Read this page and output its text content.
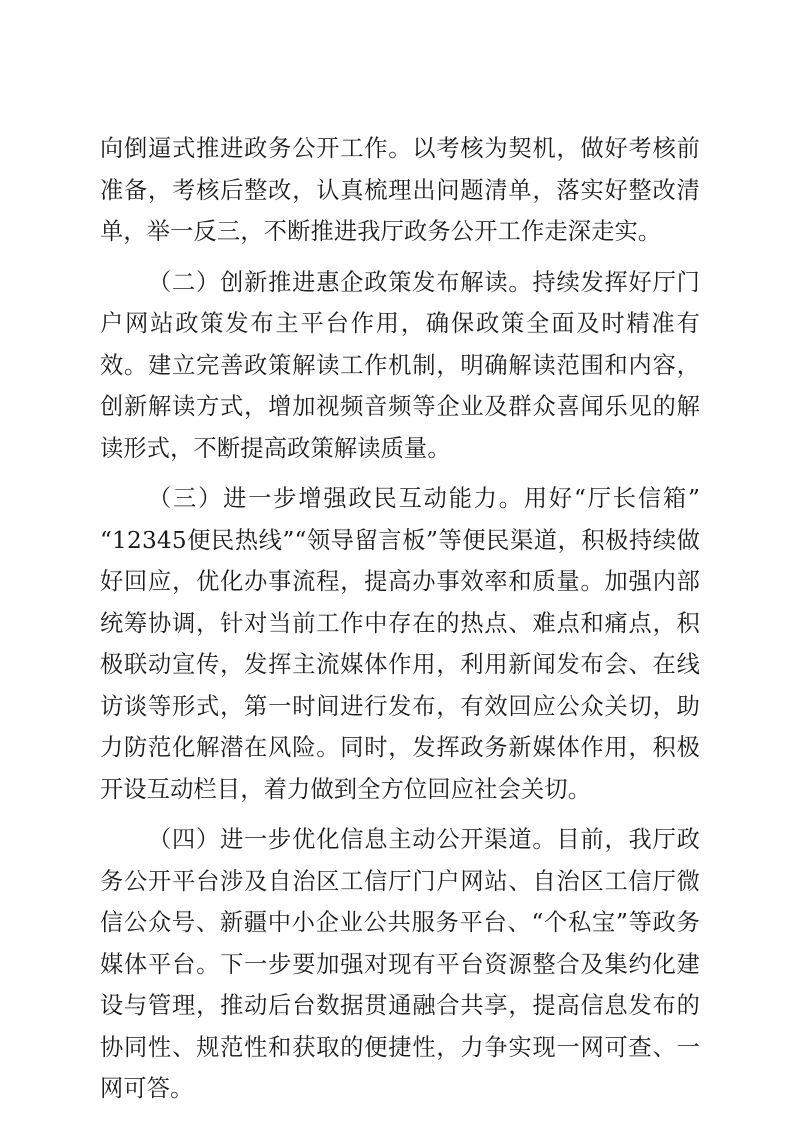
向倒逼式推进政务公开工作。以考核为契机，做好考核前准备，考核后整改，认真梳理出问题清单，落实好整改清单，举一反三，不断推进我厅政务公开工作走深走实。

（二）创新推进惠企政策发布解读。持续发挥好厅门户网站政策发布主平台作用，确保政策全面及时精准有效。建立完善政策解读工作机制，明确解读范围和内容，创新解读方式，增加视频音频等企业及群众喜闻乐见的解读形式，不断提高政策解读质量。

（三）进一步增强政民互动能力。用好“厅长信箱”“12345便民热线”“领导留言板”等便民渠道，积极持续做好回应，优化办事流程，提高办事效率和质量。加强内部统筹协调，针对当前工作中存在的热点、难点和痛点，积极联动宣传，发挥主流媒体作用，利用新闻发布会、在线访谈等形式，第一时间进行发布，有效回应公众关切，助力防范化解潜在风险。同时，发挥政务新媒体作用，积极开设互动栏目，着力做到全方位回应社会关切。

（四）进一步优化信息主动公开渠道。目前，我厅政务公开平台涉及自治区工信厅门户网站、自治区工信厅微信公众号、新疆中小企业公共服务平台、“个私宝”等政务媒体平台。下一步要加强对现有平台资源整合及集约化建设与管理，推动后台数据贯通融合共享，提高信息发布的协同性、规范性和获取的便捷性，力争实现一网可查、一网可答。
